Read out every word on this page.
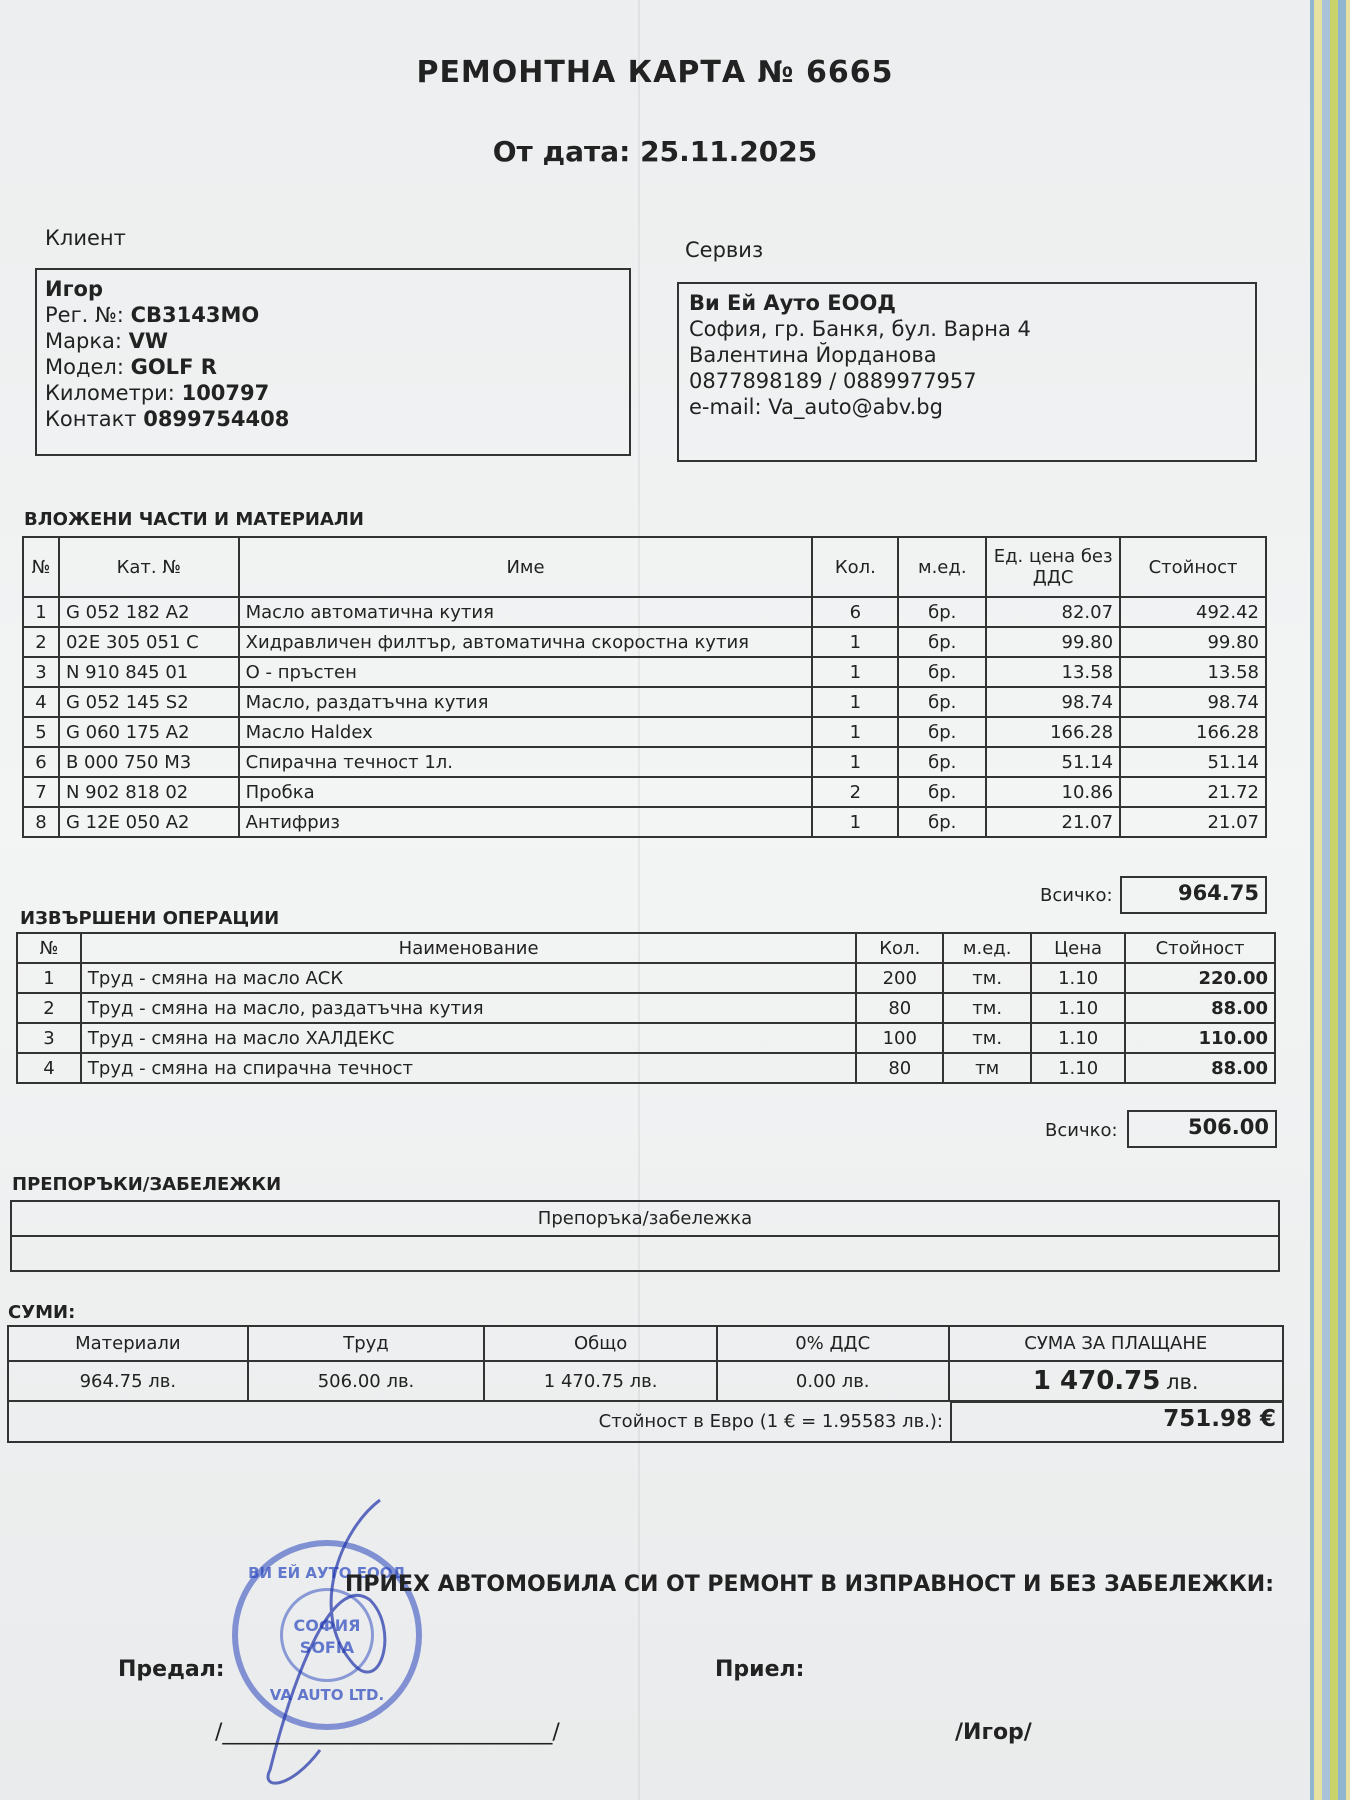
РЕМОНТНА КАРТА № 6665
От дата: 25.11.2025
Клиент
Игор
Рег. №: СВ3143МО
Марка: VW
Модел: GOLF R
Километри: 100797
Контакт 0899754408
Сервиз
Ви Ей Ауто ЕООД
София, гр. Банкя, бул. Варна 4
Валентина Йорданова
0877898189 / 0889977957
e-mail: Va_auto@abv.bg
ВЛОЖЕНИ ЧАСТИ И МАТЕРИАЛИ
№	Кат. №	Име	Кол.	м.ед.	Ед. цена без ДДС	Стойност
1	G 052 182 A2	Масло автоматична кутия	6	бр.	82.07	492.42
2	02E 305 051 C	Хидравличен филтър, автоматична скоростна кутия	1	бр.	99.80	99.80
3	N 910 845 01	О - пръстен	1	бр.	13.58	13.58
4	G 052 145 S2	Масло, раздатъчна кутия	1	бр.	98.74	98.74
5	G 060 175 A2	Масло Haldex	1	бр.	166.28	166.28
6	B 000 750 M3	Спирачна течност 1л.	1	бр.	51.14	51.14
7	N 902 818 02	Пробка	2	бр.	10.86	21.72
8	G 12E 050 A2	Антифриз	1	бр.	21.07	21.07
Всичко:	964.75
ИЗВЪРШЕНИ ОПЕРАЦИИ
№	Наименование	Кол.	м.ед.	Цена	Стойност
1	Труд - смяна на масло АСК	200	тм.	1.10	220.00
2	Труд - смяна на масло, раздатъчна кутия	80	тм.	1.10	88.00
3	Труд - смяна на масло ХАЛДЕКС	100	тм.	1.10	110.00
4	Труд - смяна на спирачна течност	80	тм	1.10	88.00
Всичко:	506.00
ПРЕПОРЪКИ/ЗАБЕЛЕЖКИ
Препоръка/забележка

СУМИ:
Материали	Труд	Общо	0% ДДС	СУМА ЗА ПЛАЩАНЕ
964.75 лв.	506.00 лв.	1 470.75 лв.	0.00 лв.	1 470.75 лв.
Стойност в Евро (1 € = 1.95583 лв.):	751.98 €
ВИ ЕЙ АУТО ЕООД
СОФИЯ
SOFIA
VA AUTO LTD.
ПРИЕХ АВТОМОБИЛА СИ ОТ РЕМОНТ В ИЗПРАВНОСТ И БЕЗ ЗАБЕЛЕЖКИ:
Предал:	Приел:
/______________________________/	/Игор/
